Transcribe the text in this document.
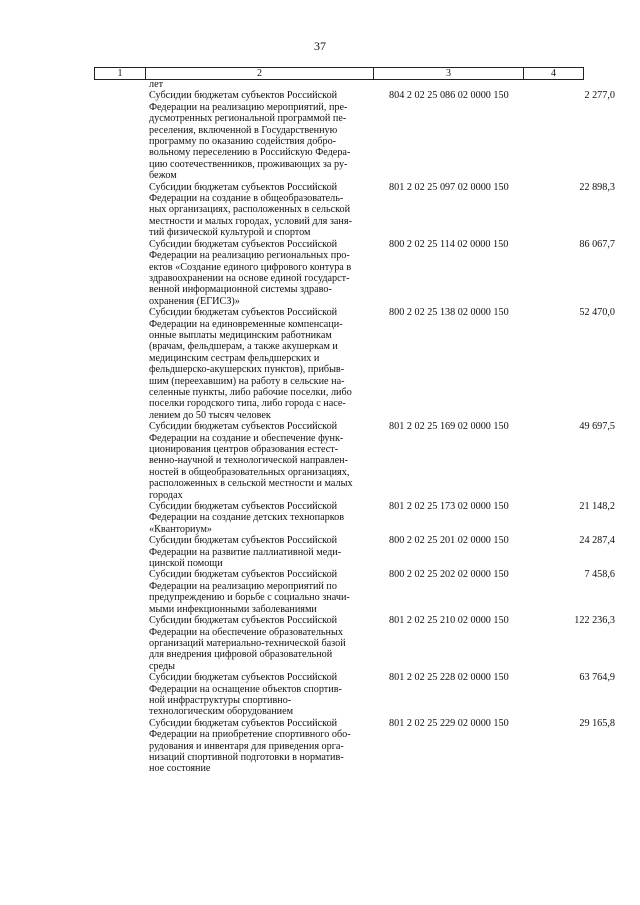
37
1	2	3	4
лет
Субсидии бюджетам субъектов Российской
Федерации на реализацию мероприятий, пре-
дусмотренных региональной программой пе-
реселения, включенной в Государственную
программу по оказанию содействия добро-
вольному переселению в Российскую Федера-
цию соотечественников, проживающих за ру-
бежом
804 2 02 25 086 02 0000 150	2 277,0
Субсидии бюджетам субъектов Российской
Федерации на создание в общеобразователь-
ных организациях, расположенных в сельской
местности и малых городах, условий для заня-
тий физической культурой и спортом
801 2 02 25 097 02 0000 150	22 898,3
Субсидии бюджетам субъектов Российской
Федерации на реализацию региональных про-
ектов «Создание единого цифрового контура в
здравоохранении на основе единой государст-
венной информационной системы здраво-
охранения (ЕГИСЗ)»
800 2 02 25 114 02 0000 150	86 067,7
Субсидии бюджетам субъектов Российской
Федерации на единовременные компенсаци-
онные выплаты медицинским работникам
(врачам, фельдшерам, а также акушеркам и
медицинским сестрам фельдшерских и
фельдшерско-акушерских пунктов), прибыв-
шим (переехавшим) на работу в сельские на-
селенные пункты, либо рабочие поселки, либо
поселки городского типа, либо города с насе-
лением до 50 тысяч человек
800 2 02 25 138 02 0000 150	52 470,0
Субсидии бюджетам субъектов Российской
Федерации на создание и обеспечение функ-
ционирования центров образования естест-
венно-научной и технологической направлен-
ностей в общеобразовательных организациях,
расположенных в сельской местности и малых
городах
801 2 02 25 169 02 0000 150	49 697,5
Субсидии бюджетам субъектов Российской
Федерации на создание детских технопарков
«Кванториум»
801 2 02 25 173 02 0000 150	21 148,2
Субсидии бюджетам субъектов Российской
Федерации на развитие паллиативной меди-
цинской помощи
800 2 02 25 201 02 0000 150	24 287,4
Субсидии бюджетам субъектов Российской
Федерации на реализацию мероприятий по
предупреждению и борьбе с социально значи-
мыми инфекционными заболеваниями
800 2 02 25 202 02 0000 150	7 458,6
Субсидии бюджетам субъектов Российской
Федерации на обеспечение образовательных
организаций материально-технической базой
для внедрения цифровой образовательной
среды
801 2 02 25 210 02 0000 150	122 236,3
Субсидии бюджетам субъектов Российской
Федерации на оснащение объектов спортив-
ной инфраструктуры спортивно-
технологическим оборудованием
801 2 02 25 228 02 0000 150	63 764,9
Субсидии бюджетам субъектов Российской
Федерации на приобретение спортивного обо-
рудования и инвентаря для приведения орга-
низаций спортивной подготовки в норматив-
ное состояние
801 2 02 25 229 02 0000 150	29 165,8
